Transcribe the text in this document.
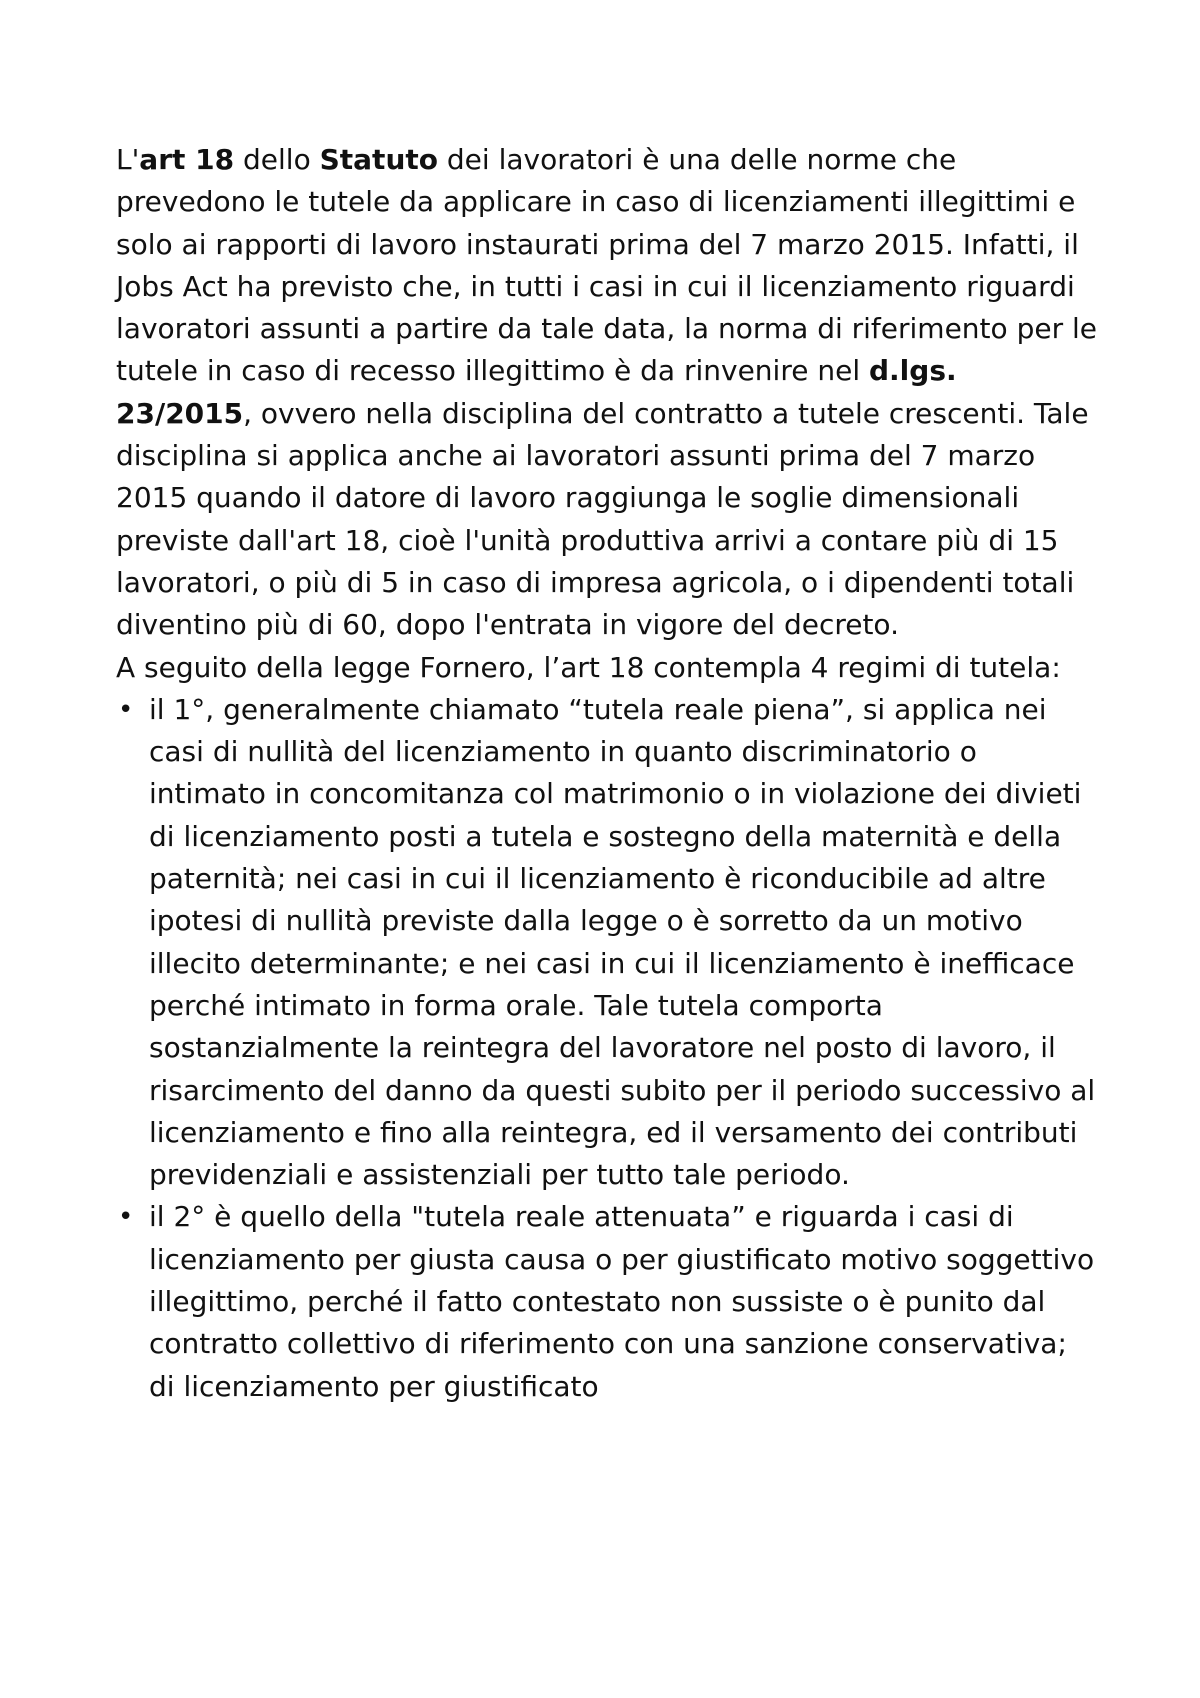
L'art 18 dello Statuto dei lavoratori è una delle norme che prevedono le tutele da applicare in caso di licenziamenti illegittimi e solo ai rapporti di lavoro instaurati prima del 7 marzo 2015. Infatti, il Jobs Act ha previsto che, in tutti i casi in cui il licenziamento riguardi lavoratori assunti a partire da tale data, la norma di riferimento per le tutele in caso di recesso illegittimo è da rinvenire nel d.lgs. 23/2015, ovvero nella disciplina del contratto a tutele crescenti. Tale disciplina si applica anche ai lavoratori assunti prima del 7 marzo 2015 quando il datore di lavoro raggiunga le soglie dimensionali previste dall'art 18, cioè l'unità produttiva arrivi a contare più di 15 lavoratori, o più di 5 in caso di impresa agricola, o i dipendenti totali diventino più di 60, dopo l'entrata in vigore del decreto.

A seguito della legge Fornero, l’art 18 contempla 4 regimi di tutela:

• il 1°, generalmente chiamato “tutela reale piena”, si applica nei casi di nullità del licenziamento in quanto discriminatorio o intimato in concomitanza col matrimonio o in violazione dei divieti di licenziamento posti a tutela e sostegno della maternità e della paternità; nei casi in cui il licenziamento è riconducibile ad altre ipotesi di nullità previste dalla legge o è sorretto da un motivo illecito determinante; e nei casi in cui il licenziamento è inefficace perché intimato in forma orale. Tale tutela comporta sostanzialmente la reintegra del lavoratore nel posto di lavoro, il risarcimento del danno da questi subito per il periodo successivo al licenziamento e fino alla reintegra, ed il versamento dei contributi previdenziali e assistenziali per tutto tale periodo.
• il 2° è quello della "tutela reale attenuata” e riguarda i casi di licenziamento per giusta causa o per giustificato motivo soggettivo illegittimo, perché il fatto contestato non sussiste o è punito dal contratto collettivo di riferimento con una sanzione conservativa; di licenziamento per giustificato
